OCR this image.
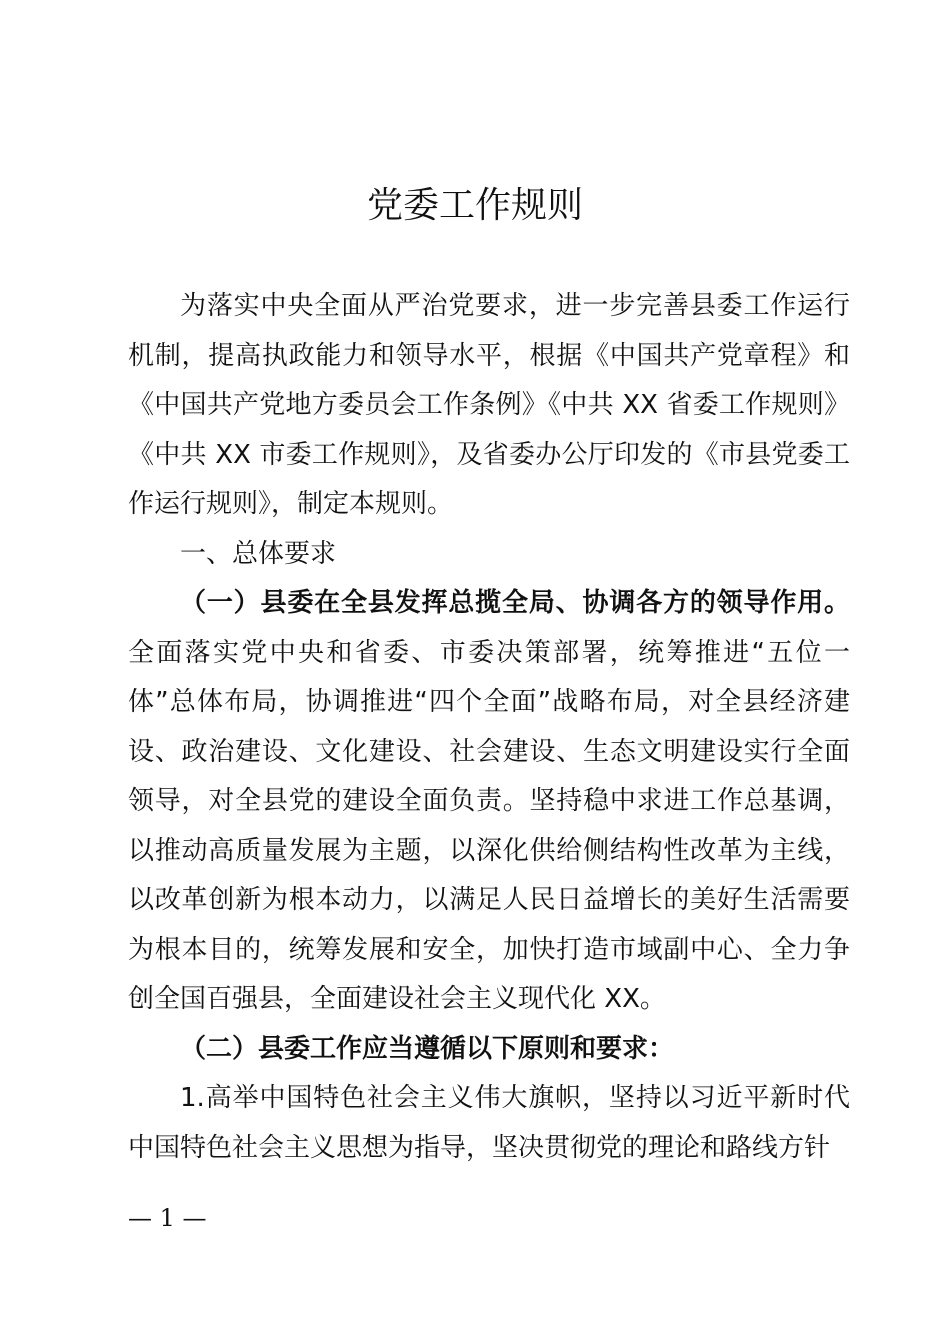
党委工作规则

为落实中央全面从严治党要求，进一步完善县委工作运行机制，提高执政能力和领导水平，根据《中国共产党章程》和《中国共产党地方委员会工作条例》《中共 XX 省委工作规则》《中共 XX 市委工作规则》，及省委办公厅印发的《市县党委工作运行规则》，制定本规则。

一、总体要求

（一）县委在全县发挥总揽全局、协调各方的领导作用。全面落实党中央和省委、市委决策部署，统筹推进“五位一体”总体布局，协调推进“四个全面”战略布局，对全县经济建设、政治建设、文化建设、社会建设、生态文明建设实行全面领导，对全县党的建设全面负责。坚持稳中求进工作总基调，以推动高质量发展为主题，以深化供给侧结构性改革为主线，以改革创新为根本动力，以满足人民日益增长的美好生活需要为根本目的，统筹发展和安全，加快打造市域副中心、全力争创全国百强县，全面建设社会主义现代化 XX。

（二）县委工作应当遵循以下原则和要求：

1.高举中国特色社会主义伟大旗帜，坚持以习近平新时代中国特色社会主义思想为指导，坚决贯彻党的理论和路线方针

— 1 —
